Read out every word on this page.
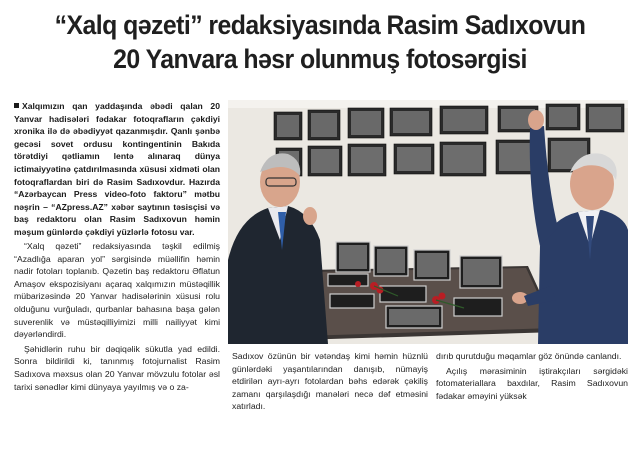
“Xalq qəzeti” redaksiyasında Rasim Sadıxovun
20 Yanvara həsr olunmuş fotosərgisi
Xalqımızın qan yaddaşında əbədi qalan 20 Yanvar hadisələri fədakar fotoqrafların çəkdiyi xronika ilə də əbədiyyət qazanmışdır. Qanlı şənbə gecəsi sovet ordusu kontingentinin Bakıda törətdiyi qətliamın lentə alınaraq dünya ictimaiyyətinə çatdırılmasında xüsusi xidməti olan fotoqraflardan biri də Rasim Sadıxovdur. Hazırda “Azərbaycan Press video-foto faktoru” mətbu nəşrin – “AZpress.AZ” xəbər saytının təsisçisi və baş redaktoru olan Rasim Sadıxovun həmin məşum günlərdə çəkdiyi yüzlərlə fotosu var.

“Xalq qəzeti” redaksiyasında təşkil edilmiş “Azadlığa aparan yol” sərgisində müəllifin həmin nadir fotoları toplanıb. Qəzetin baş redaktoru Əflatun Amaşov ekspozisiyanı açaraq xalqımızın müstəqillik mübarizəsində 20 Yanvar hadisələrinin xüsusi rolu olduğunu vurğuladı, qurbanlar bahasına başa gələn suverenlik və müstəqilliyimizi milli nailiyyət kimi dəyərləndirdi.

Şəhidlərin ruhu bir dəqiqəlik sükutla yad edildi. Sonra bildirildi ki, tanınmış fotojurnalist Rasim Sadıxova məxsus olan 20 Yanvar mövzulu fotolar əsl tarixi sənədlər kimi dünyaya yayılmış və o za-

Sadıxov özünün bir vətəndaş kimi həmin hüznlü günlərdəki yaşantılarından danışıb, nümayiş etdirilən ayrı-ayrı fotolardan bəhs edərək çəkiliş zamanı qarşılaşdığı manələri necə dəf etməsini xatırladı.

dırıb qurutduğu məqamlar göz önündə canlandı.

Açılış mərasiminin iştirakçıları sərgidəki fotomateriallara baxdılar, Rasim Sadıxovun fədakar əməyini yüksək
